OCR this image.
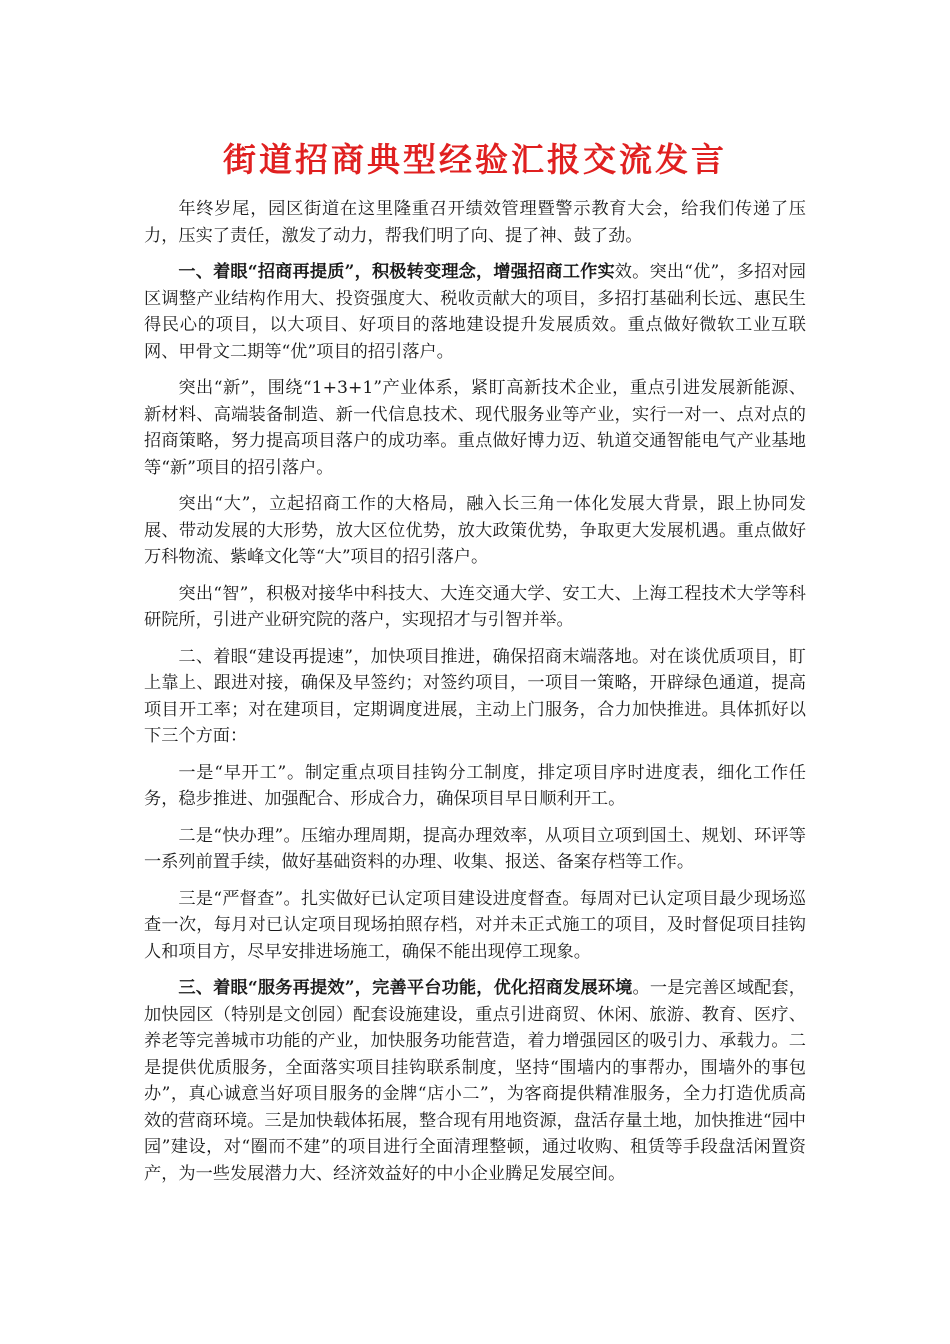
街道招商典型经验汇报交流发言

年终岁尾，园区街道在这里隆重召开绩效管理暨警示教育大会，给我们传递了压力，压实了责任，激发了动力，帮我们明了向、提了神、鼓了劲。

一、着眼“招商再提质”，积极转变理念，增强招商工作实效。突出“优”，多招对园区调整产业结构作用大、投资强度大、税收贡献大的项目，多招打基础利长远、惠民生得民心的项目，以大项目、好项目的落地建设提升发展质效。重点做好微软工业互联网、甲骨文二期等“优”项目的招引落户。

突出“新”，围绕“1+3+1”产业体系，紧盯高新技术企业，重点引进发展新能源、新材料、高端装备制造、新一代信息技术、现代服务业等产业，实行一对一、点对点的招商策略，努力提高项目落户的成功率。重点做好博力迈、轨道交通智能电气产业基地等“新”项目的招引落户。

突出“大”，立起招商工作的大格局，融入长三角一体化发展大背景，跟上协同发展、带动发展的大形势，放大区位优势，放大政策优势，争取更大发展机遇。重点做好万科物流、紫峰文化等“大”项目的招引落户。

突出“智”，积极对接华中科技大、大连交通大学、安工大、上海工程技术大学等科研院所，引进产业研究院的落户，实现招才与引智并举。

二、着眼“建设再提速”，加快项目推进，确保招商末端落地。对在谈优质项目，盯上靠上、跟进对接，确保及早签约；对签约项目，一项目一策略，开辟绿色通道，提高项目开工率；对在建项目，定期调度进展，主动上门服务，合力加快推进。具体抓好以下三个方面：

一是“早开工”。制定重点项目挂钩分工制度，排定项目序时进度表，细化工作任务，稳步推进、加强配合、形成合力，确保项目早日顺利开工。

二是“快办理”。压缩办理周期，提高办理效率，从项目立项到国土、规划、环评等一系列前置手续，做好基础资料的办理、收集、报送、备案存档等工作。

三是“严督查”。扎实做好已认定项目建设进度督查。每周对已认定项目最少现场巡查一次，每月对已认定项目现场拍照存档，对并未正式施工的项目，及时督促项目挂钩人和项目方，尽早安排进场施工，确保不能出现停工现象。

三、着眼“服务再提效”，完善平台功能，优化招商发展环境。一是完善区域配套，加快园区（特别是文创园）配套设施建设，重点引进商贸、休闲、旅游、教育、医疗、养老等完善城市功能的产业，加快服务功能营造，着力增强园区的吸引力、承载力。二是提供优质服务，全面落实项目挂钩联系制度，坚持“围墙内的事帮办，围墙外的事包办”，真心诚意当好项目服务的金牌“店小二”，为客商提供精准服务，全力打造优质高效的营商环境。三是加快载体拓展，整合现有用地资源，盘活存量土地，加快推进“园中园”建设，对“圈而不建”的项目进行全面清理整顿，通过收购、租赁等手段盘活闲置资产，为一些发展潜力大、经济效益好的中小企业腾足发展空间。
